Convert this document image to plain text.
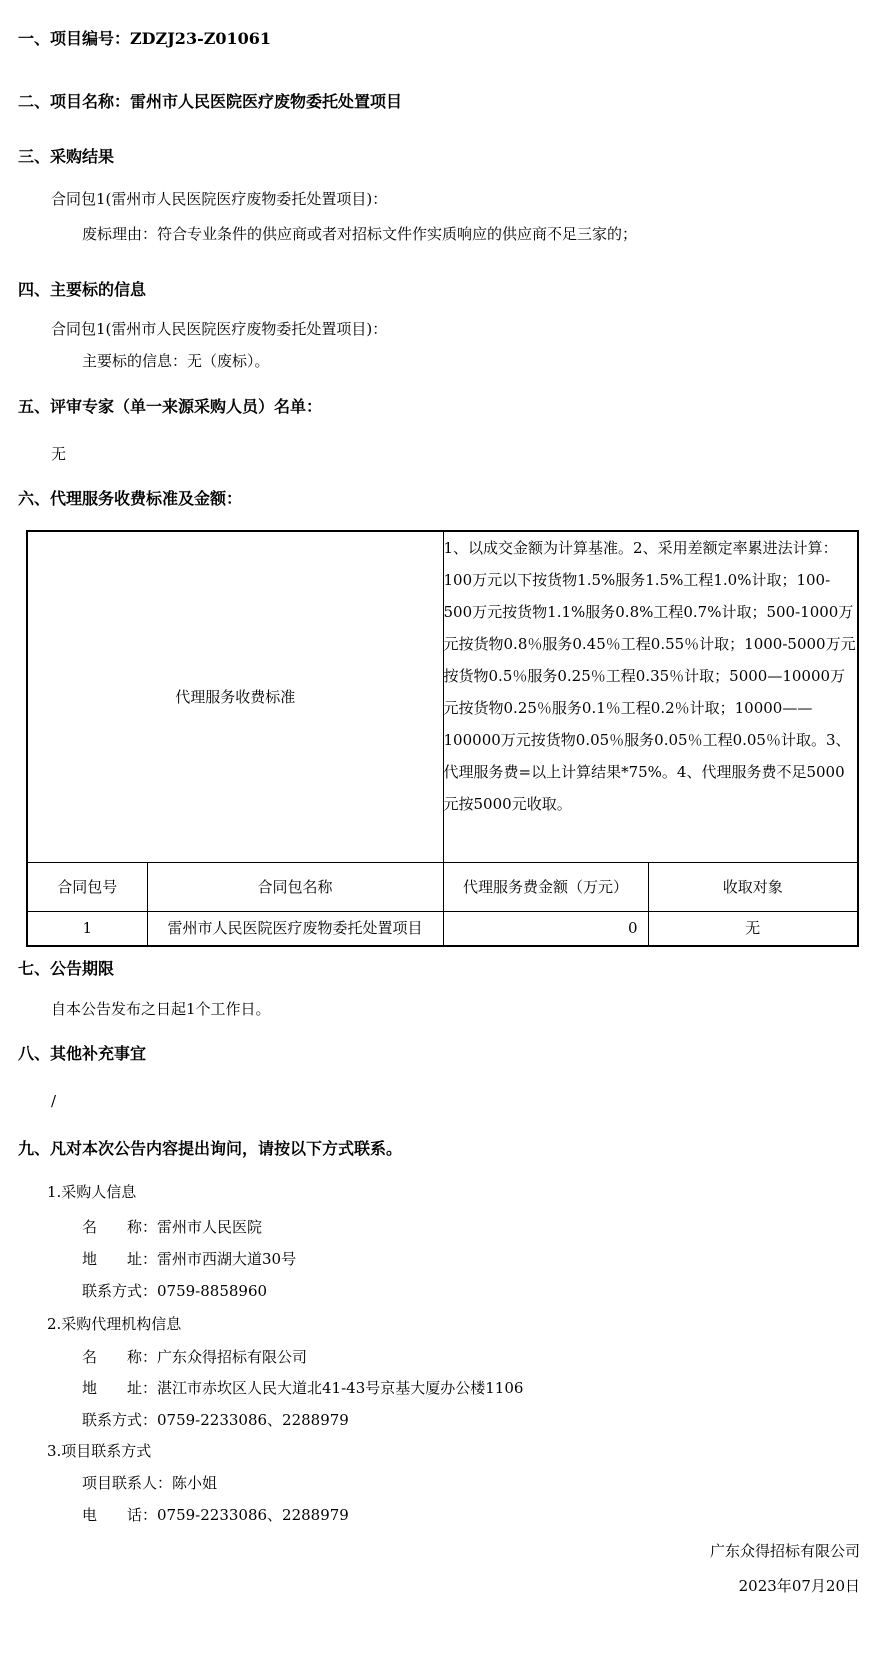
一、项目编号：ZDZJ23-Z01061
二、项目名称：雷州市人民医院医疗废物委托处置项目
三、采购结果

合同包1(雷州市人民医院医疗废物委托处置项目)：

废标理由：符合专业条件的供应商或者对招标文件作实质响应的供应商不足三家的；

四、主要标的信息

合同包1(雷州市人民医院医疗废物委托处置项目)：

主要标的信息：无（废标）。

五、评审专家（单一来源采购人员）名单：

无

六、代理服务收费标准及金额：
代理服务收费标准		1、以成交金额为计算基准。2、采用差额定率累进法计算：100万元以下按货物1.5%服务1.5%工程1.0%计取；100-500万元按货物1.1%服务0.8%工程0.7%计取；500-1000万元按货物0.8％服务0.45％工程0.55％计取；1000-5000万元按货物0.5％服务0.25％工程0.35％计取；5000—10000万元按货物0.25％服务0.1％工程0.2％计取；10000——100000万元按货物0.05％服务0.05％工程0.05％计取。3、代理服务费=以上计算结果*75%。4、代理服务费不足5000元按5000元收取。	
合同包号	合同包名称	代理服务费金额（万元）	收取对象
1	雷州市人民医院医疗废物委托处置项目	0	无
七、公告期限

自本公告发布之日起1个工作日。

八、其他补充事宜

/

九、凡对本次公告内容提出询问，请按以下方式联系。

1.采购人信息

名　　称：雷州市人民医院

地　　址：雷州市西湖大道30号

联系方式：0759-8858960

2.采购代理机构信息

名　　称：广东众得招标有限公司

地　　址：湛江市赤坎区人民大道北41-43号京基大厦办公楼1106

联系方式：0759-2233086、2288979

3.项目联系方式

项目联系人：陈小姐

电　　话：0759-2233086、2288979

广东众得招标有限公司

2023年07月20日
